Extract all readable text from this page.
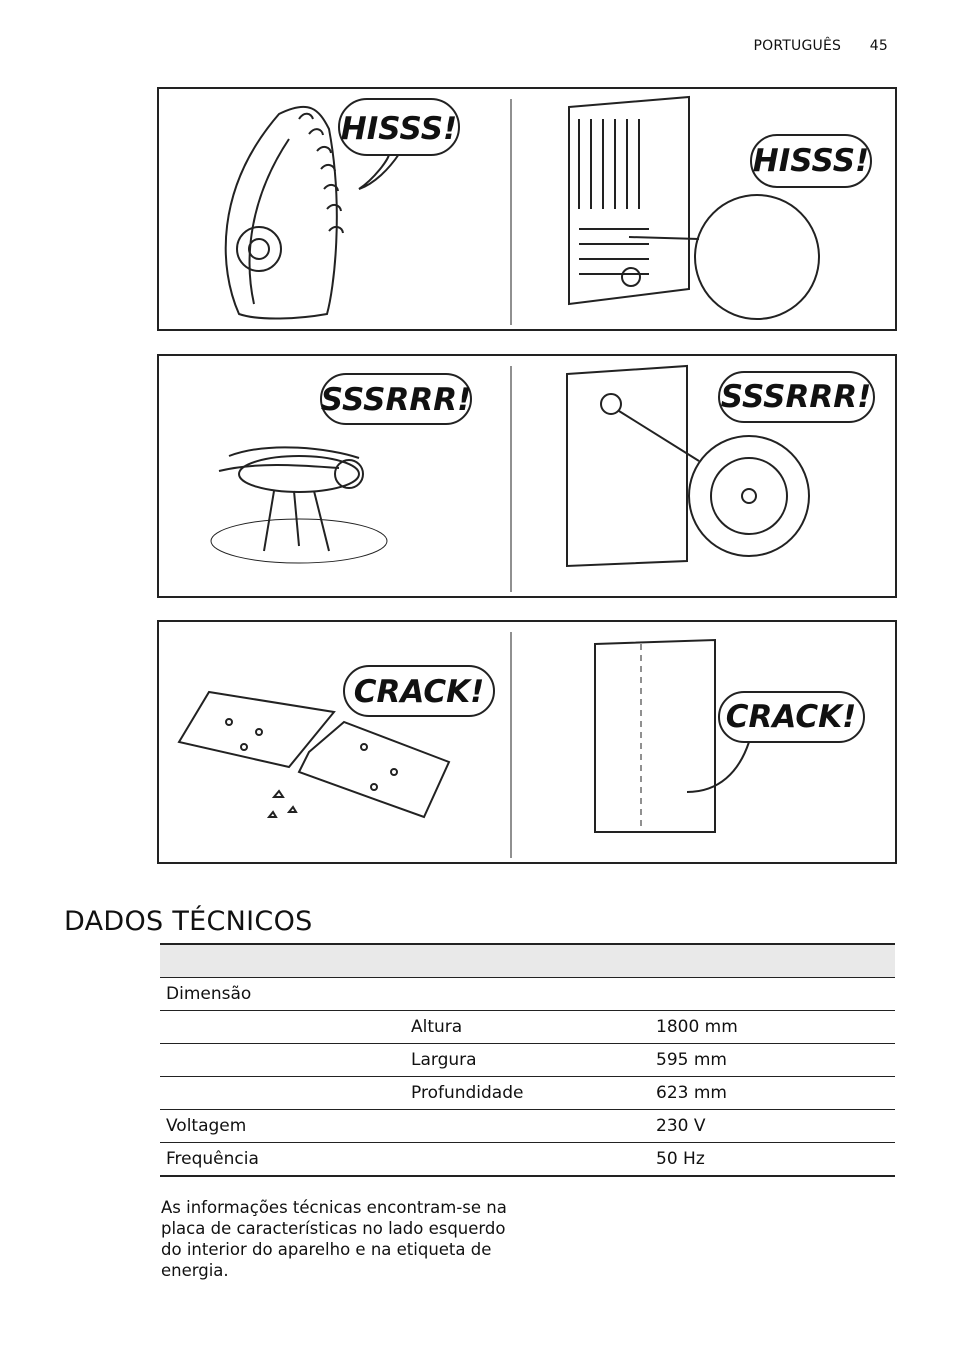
PORTUGUÊS 45
HISSS!
HISSS!
SSSRRR!	SSSRRR!
CRACK!
CRACK!
DADOS TÉCNICOS

Dimensão		
	Altura	1800 mm
	Largura	595 mm
	Profundidade	623 mm
Voltagem		230 V
Frequência		50 Hz

As informações técnicas encontram-se na placa de características no lado esquerdo do interior do aparelho e na etiqueta de energia.
